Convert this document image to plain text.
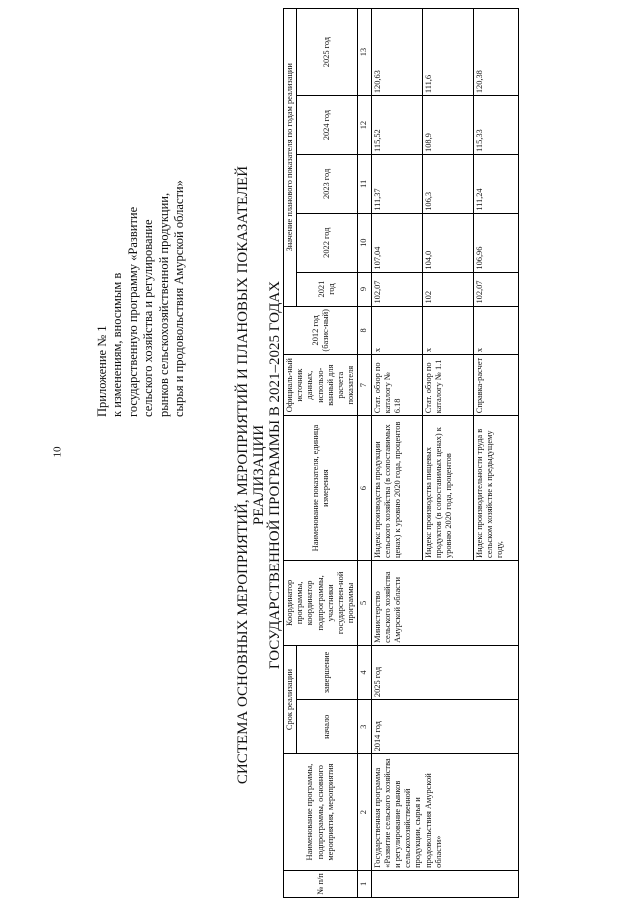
10
Приложение № 1 к изменениям, вносимым в государственную программу «Развитие сельского хозяйства и регулирование рынков сельскохозяйственной продукции, сырья и продовольствия Амурской области»	СИСТЕМА ОСНОВНЫХ МЕРОПРИЯТИЙ, МЕРОПРИЯТИЙ И ПЛАНОВЫХ ПОКАЗАТЕЛЕЙ РЕАЛИЗАЦИИ ГОСУДАРСТВЕННОЙ ПРОГРАММЫ В 2021–2025 ГОДАХ
№ п/п	Наименование программы, подпрограммы, основного мероприятия, мероприятия	Срок реализации		Координатор программы, координатор подпрограммы, участники государствен-ной программы	Наименование показателя, единица измерения	Официаль-ный источник данных, использо-ванный для расчета показателя	2012 год (базис-ный)	Значение планового показателя по годам реализации				
		начало	завершение					2021 год	2022 год	2023 год	2024 год	2025 год

1	2	3	4	5	6	7	8	9	10	11	12	13
	Государственная программа «Развитие сельского хозяйства и регулирование рынков сельскохозяйственной продукции, сырья и продовольствия Амурской области»	2014 год	2025 год	Министерство сельского хозяйства Амурской области	Индекс производства продукции сельского хозяйства (в сопоставимых ценах) к уровню 2020 года, процентов	Стат. обзор по каталогу № 6.18	x	102,07	107,04	111,37	115,52	120,63
					Индекс производства пищевых продуктов (в сопоставимых ценах) к уровню 2020 года, процентов	Стат. обзор по каталогу № 1.1	x	102	104,0	106,3	108,9	111,6
					Индекс производительности труда в сельском хозяйстве к предыдущему году,	Справка-расчет	x	102,07	106,96	111,24	115,33	120,38
